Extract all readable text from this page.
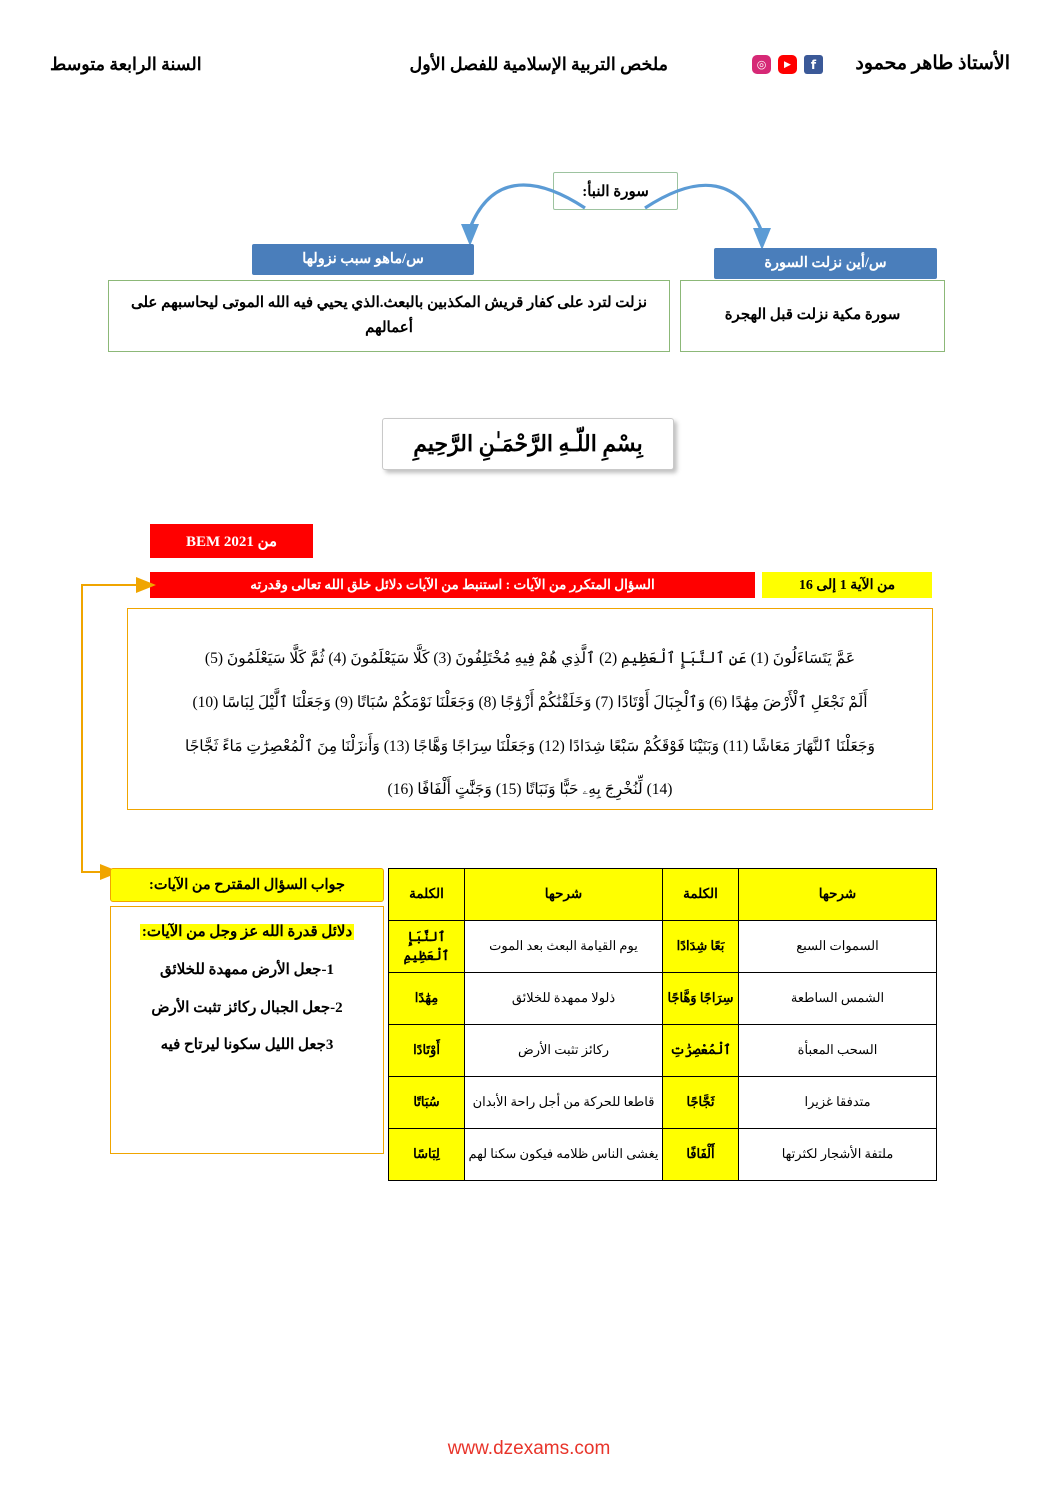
الأستاذ طاهر محمود
f
▶
◎
ملخص التربية الإسلامية للفصل الأول
السنة الرابعة متوسط
سورة النبأ:
س/ماهو سبب نزولها	س/أين نزلت السورة
نزلت لترد على كفار قريش المكذبين بالبعث.الذي يحيي فيه الله الموتى ليحاسبهم على أعمالهم
سورة مكية نزلت قبل الهجرة
بِسْمِ اللّـهِ الرَّحْمَـٰنِ الرَّحِيمِ
من BEM 2021
السؤال المتكرر من الآيات : استنبط من الآيات دلائل خلق الله تعالى وقدرته	من الآية 1 إلى 16

عَمَّ يَتَسَاءَلُونَ (1) عَنِ ٱلنَّبَإِ ٱلْعَظِيمِ (2) ٱلَّذِي هُمْ فِيهِ مُخْتَلِفُونَ (3) كَلَّا سَيَعْلَمُونَ (4) ثُمَّ كَلَّا سَيَعْلَمُونَ (5)

أَلَمْ نَجْعَلِ ٱلْأَرْضَ مِهَٰدًا (6) وَٱلْجِبَالَ أَوْتَادًا (7) وَخَلَقْنَٰكُمْ أَزْوَٰجًا (8) وَجَعَلْنَا نَوْمَكُمْ سُبَاتًا (9) وَجَعَلْنَا ٱلَّيْلَ لِبَاسًا (10)

وَجَعَلْنَا ٱلنَّهَارَ مَعَاشًا (11) وَبَنَيْنَا فَوْقَكُمْ سَبْعًا شِدَادًا (12) وَجَعَلْنَا سِرَاجًا وَهَّاجًا (13) وَأَنزَلْنَا مِنَ ٱلْمُعْصِرَٰتِ مَاءً ثَجَّاجًا

(14) لِّنُخْرِجَ بِهِۦ حَبًّا وَنَبَاتًا (15) وَجَنَّٰتٍ أَلْفَافًا (16)

جواب السؤال المقترح من الآيات:
دلائل قدرة الله عز وجل من الآيات:
1-جعل الأرض ممهدة للخلائق
2-جعل الجبال ركائز تثبت الأرض
3جعل الليل سكونا ليرتاح فيه
شرحها	الكلمة	شرحها	الكلمة
السموات السبع	بَعًا شِدَادًا	يوم القيامة البعث بعد الموت	ٱلنَّبَإِ ٱلْعَظِيمِ
الشمس الساطعة	سِرَاجًا وَهَّاجًا	ذلولا ممهدة للخلائق	مِهَٰدًا
السحب المعبأة	ٱلْمُعْصِرَٰتِ	ركائز تثبت الأرض	أَوْتَادًا
متدفقا غزيرا	ثَجَّاجًا	قاطعا للحركة من أجل راحة الأبدان	سُبَاتًا
ملتفة الأشجار لكثرتها	أَلْفَافًا	يغشى الناس ظلامه فيكون سكنا لهم	لِبَاسًا
www.dzexams.com
